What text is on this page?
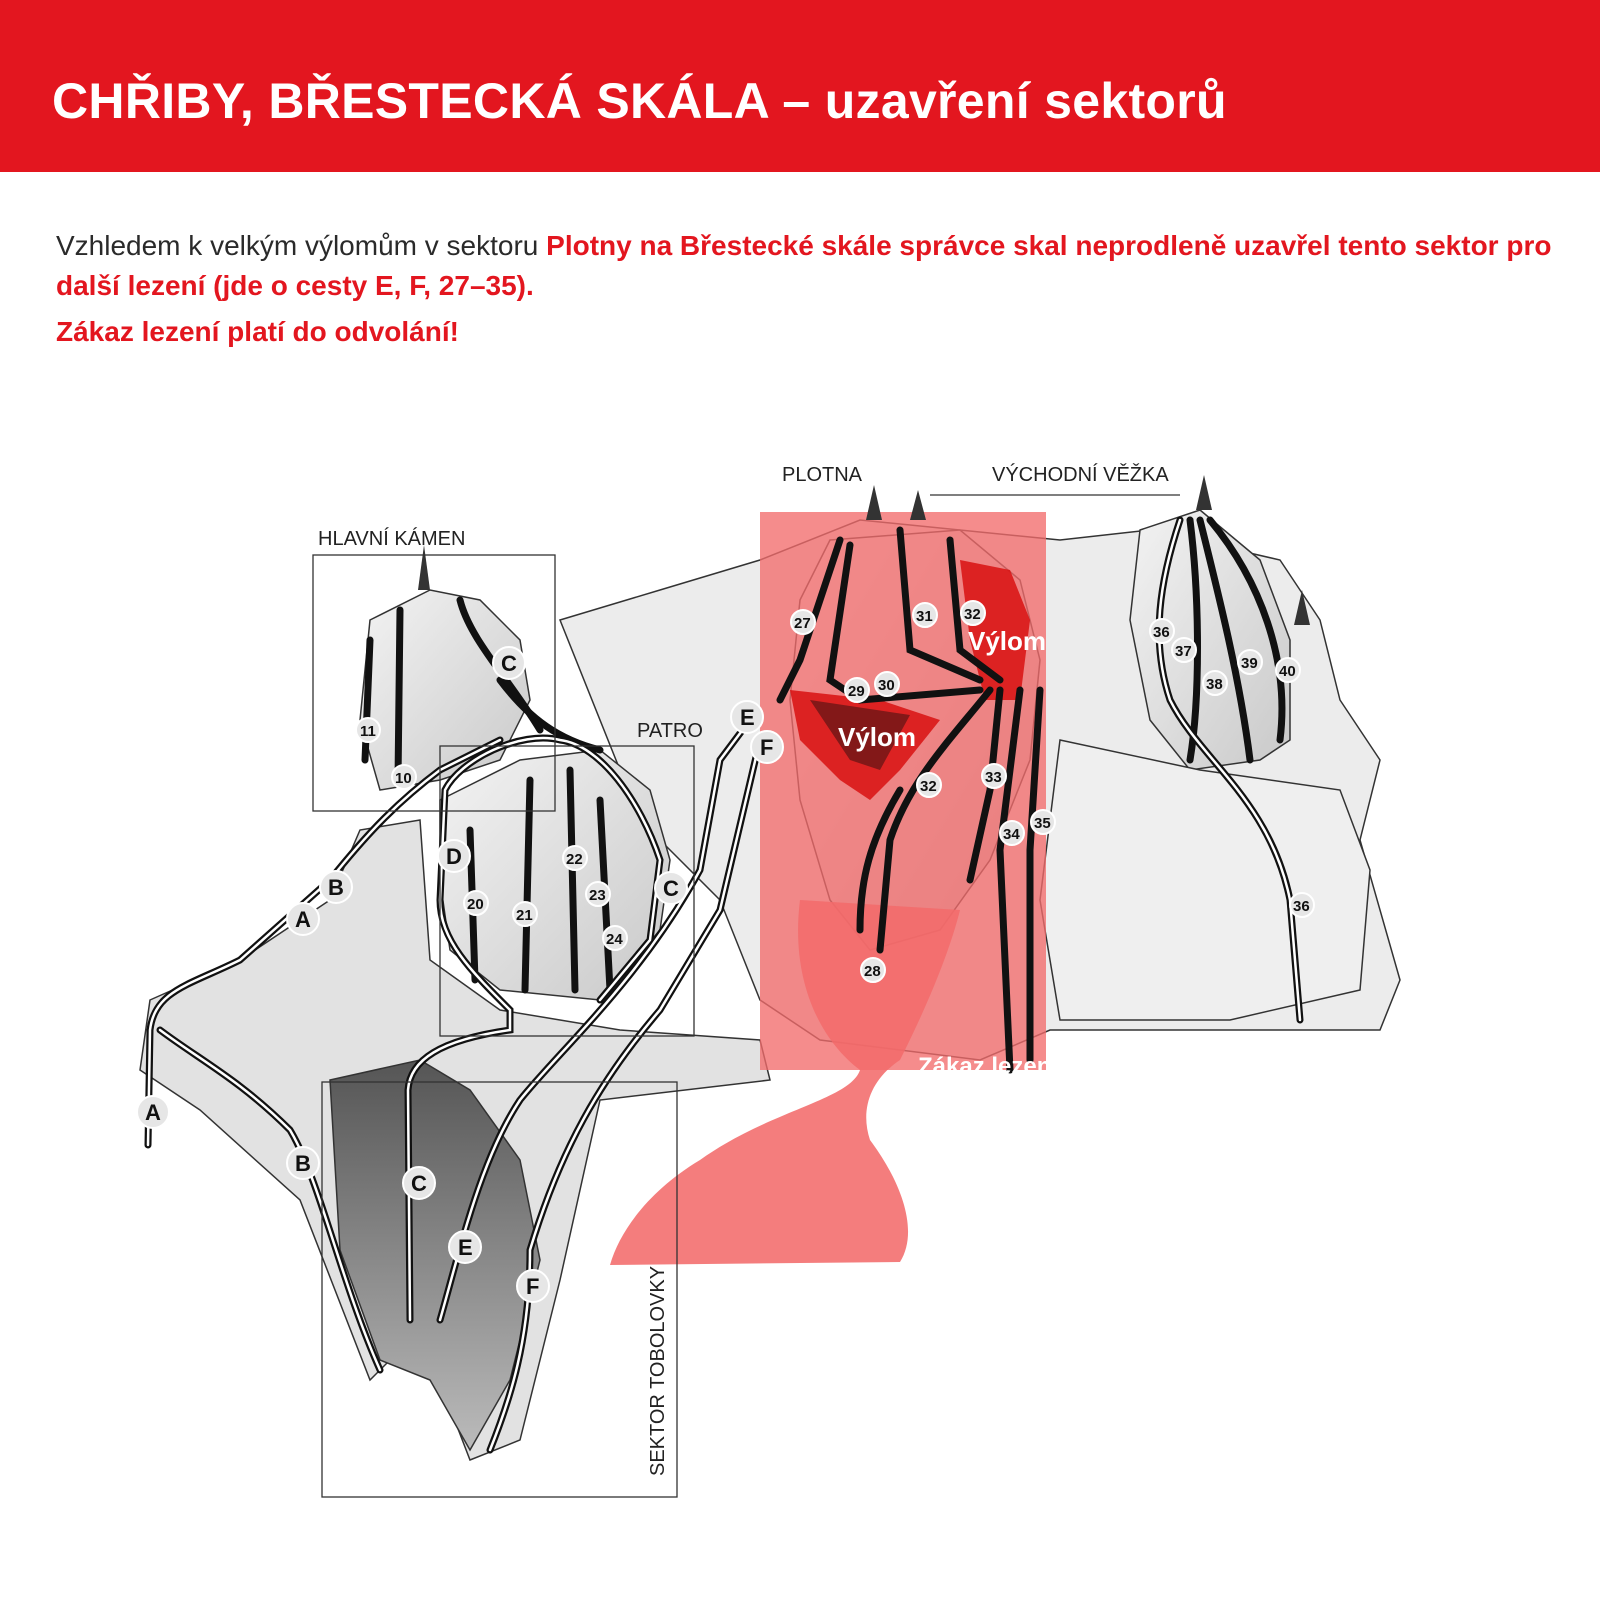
CHŘIBY, BŘESTECKÁ SKÁLA – uzavření sektorů

Vzhledem k velkým výlomům v sektoru Plotny na Břestecké skále správce skal neprodleně uzavřel tento sektor pro další lezení (jde o cesty E, F, 27–35).

Zákaz lezení platí do odvolání!

HLAVNÍ KÁMEN
PATRO
PLOTNA	VÝCHODNÍ VĚŽKA
SEKTOR TOBOLOVKY
Výlom
Výlom
Zákaz lezení
A
A
B
B
C
C
C
D
E
E
F
F
11
10
20
21
22
23
24
27
28
29 30
31 32
32
33
34
35
36
36
37
38
39 40
